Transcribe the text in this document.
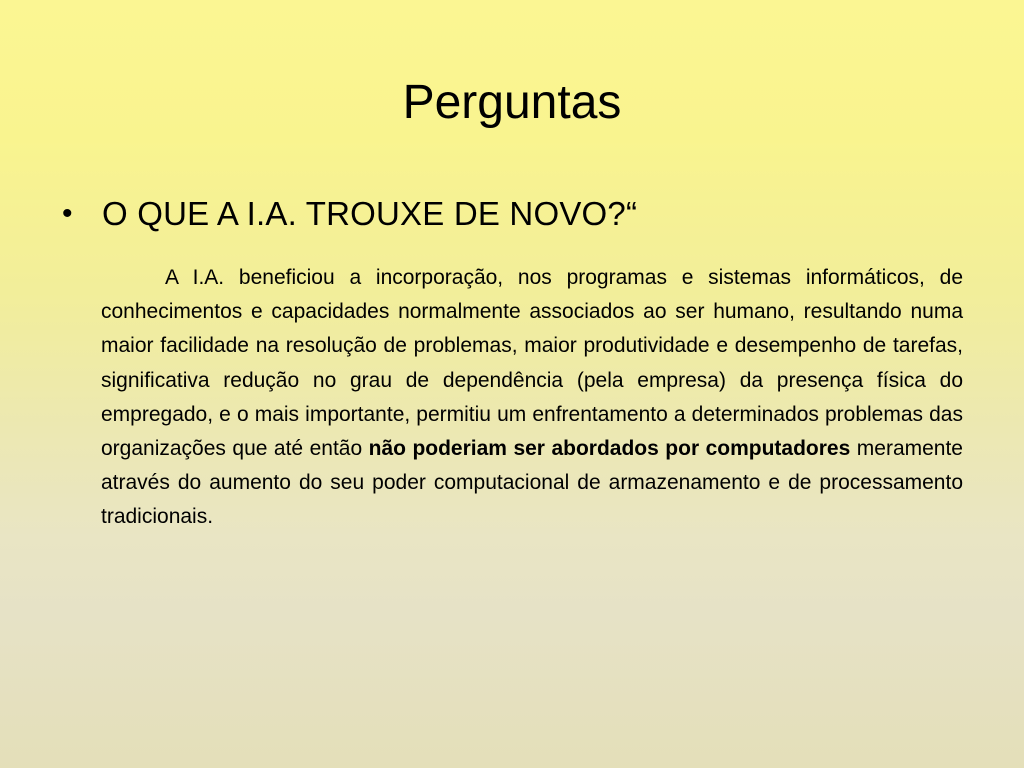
Perguntas
• O QUE A I.A. TROUXE DE NOVO?“

A I.A. beneficiou a incorporação, nos programas e sistemas informáticos, de conhecimentos e capacidades normalmente associados ao ser humano, resultando numa maior facilidade na resolução de problemas, maior produtividade e desempenho de tarefas, significativa redução no grau de dependência (pela empresa) da presença física do empregado, e o mais importante, permitiu um enfrentamento a determinados problemas das organizações que até então não poderiam ser abordados por computadores meramente através do aumento do seu poder computacional de armazenamento e de processamento tradicionais.
